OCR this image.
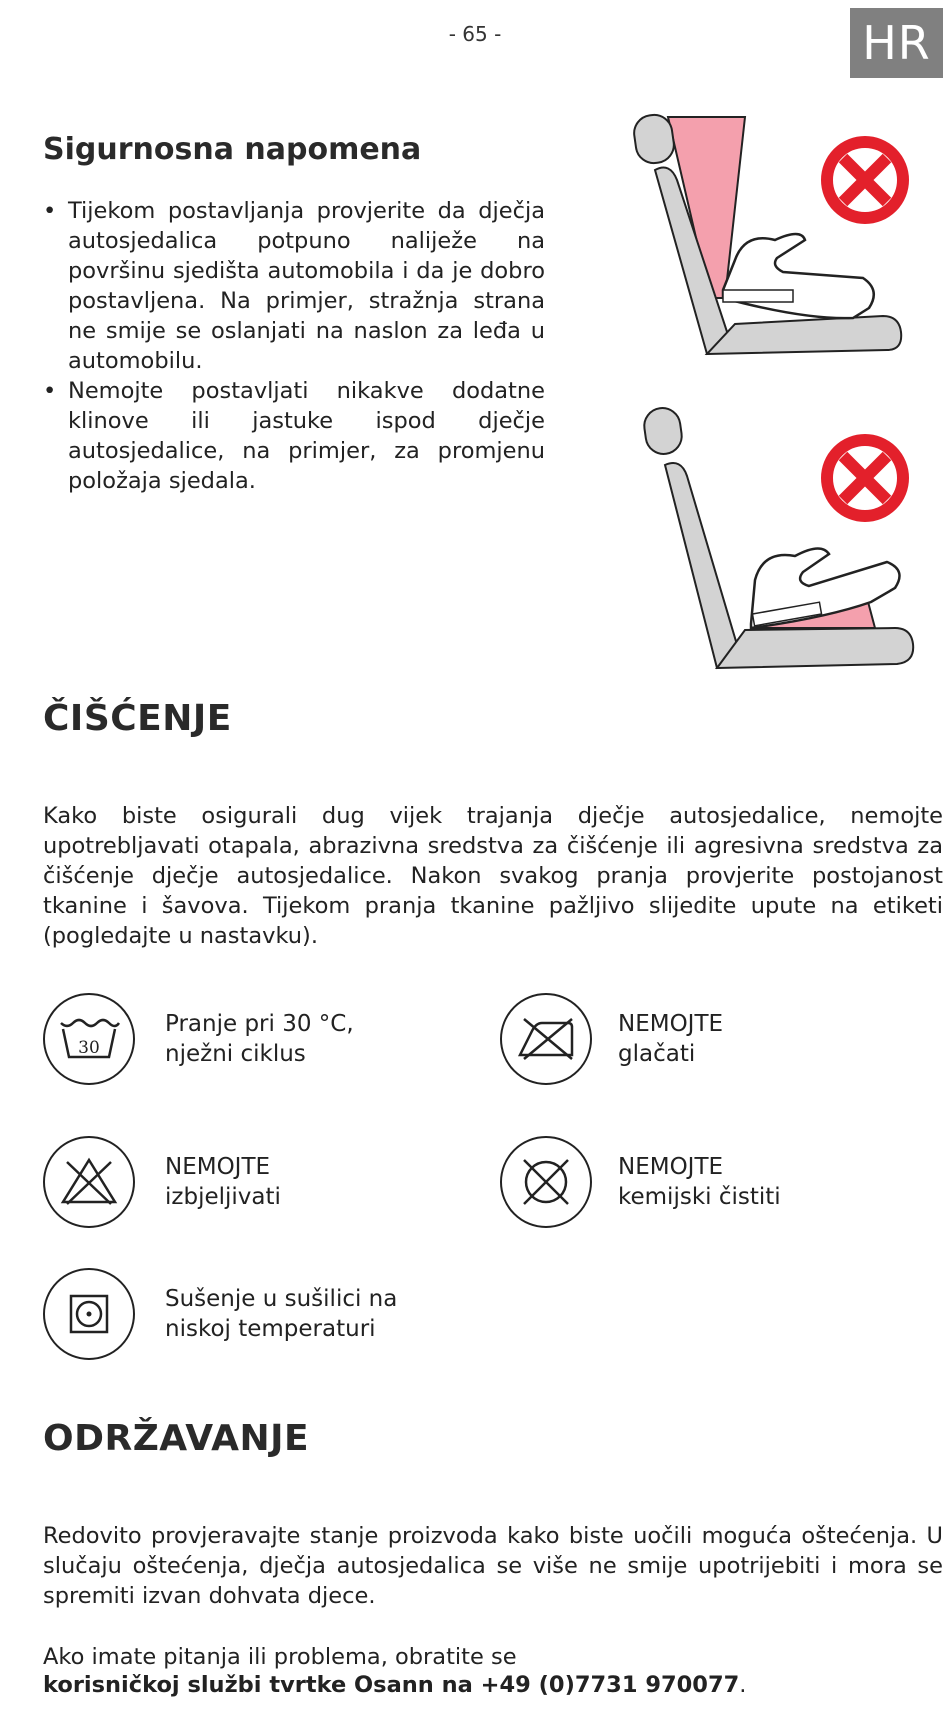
- 65 -	HR
Sigurnosna napomena
• Tijekom postavljanja provjerite da dječja autosjedalica potpuno naliježe na površinu sjedišta automobila i da je dobro postavljena. Na primjer, stražnja strana ne smije se oslanjati na naslon za leđa u automobilu.
• Nemojte postavljati nikakve dodatne klinove ili jastuke ispod dječje autosjedalice, na primjer, za promjenu položaja sjedala.
ČIŠĆENJE

Kako biste osigurali dug vijek trajanja dječje autosjedalice, nemojte upotrebljavati otapala, abrazivna sredstva za čišćenje ili agresivna sredstva za čišćenje dječje autosjedalice. Nakon svakog pranja provjerite postojanost tkanine i šavova. Tijekom pranja tkanine pažljivo slijedite upute na etiketi (pogledajte u nastavku).

30
Pranje pri 30 °C,
nježni ciklus
NEMOJTE
glačati
NEMOJTE
izbjeljivati
NEMOJTE
kemijski čistiti
Sušenje u sušilici na
niskoj temperaturi
ODRŽAVANJE

Redovito provjeravajte stanje proizvoda kako biste uočili moguća oštećenja. U slučaju oštećenja, dječja autosjedalica se više ne smije upotrijebiti i mora se spremiti izvan dohvata djece.

Ako imate pitanja ili problema, obratite se
korisničkoj službi tvrtke Osann na +49 (0)7731 970077.
